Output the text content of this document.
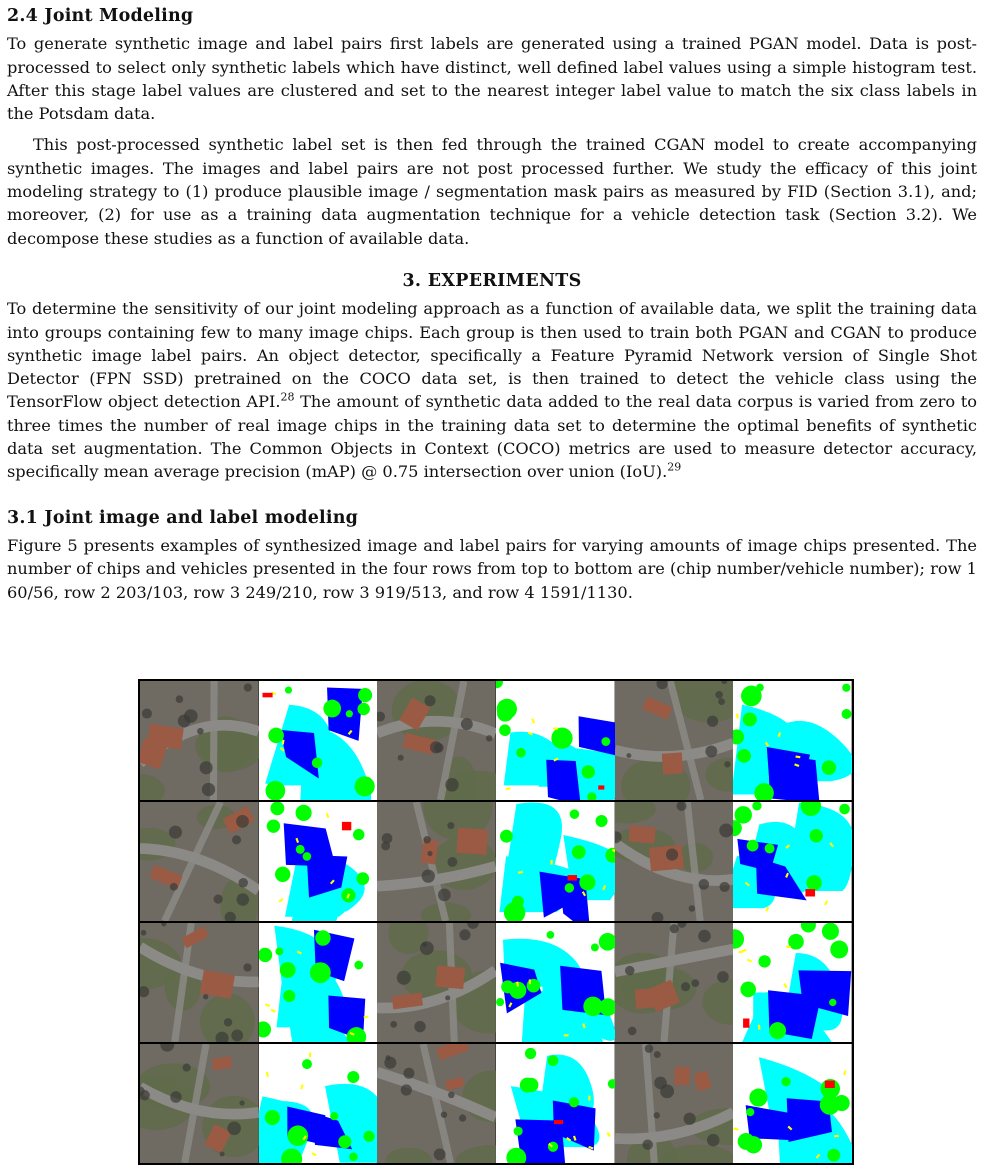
2.4 Joint Modeling

To generate synthetic image and label pairs first labels are generated using a trained PGAN model. Data is post-processed to select only synthetic labels which have distinct, well defined label values using a simple histogram test. After this stage label values are clustered and set to the nearest integer label value to match the six class labels in the Potsdam data.

This post-processed synthetic label set is then fed through the trained CGAN model to create accompanying synthetic images. The images and label pairs are not post processed further. We study the efficacy of this joint modeling strategy to (1) produce plausible image / segmentation mask pairs as measured by FID (Section 3.1), and; moreover, (2) for use as a training data augmentation technique for a vehicle detection task (Section 3.2). We decompose these studies as a function of available data.

3. EXPERIMENTS

To determine the sensitivity of our joint modeling approach as a function of available data, we split the training data into groups containing few to many image chips. Each group is then used to train both PGAN and CGAN to produce synthetic image label pairs. An object detector, specifically a Feature Pyramid Network version of Single Shot Detector (FPN SSD) pretrained on the COCO data set, is then trained to detect the vehicle class using the TensorFlow object detection API.$^{28}$ The amount of synthetic data added to the real data corpus is varied from zero to three times the number of real image chips in the training data set to determine the optimal benefits of synthetic data set augmentation. The Common Objects in Context (COCO) metrics are used to measure detector accuracy, specifically mean average precision (mAP) @ 0.75 intersection over union (IoU).$^{29}$

3.1 Joint image and label modeling

Figure 5 presents examples of synthesized image and label pairs for varying amounts of image chips presented. The number of chips and vehicles presented in the four rows from top to bottom are (chip number/vehicle number); row 1 60/56, row 2 203/103, row 3 249/210, row 3 919/513, and row 4 1591/1130.
